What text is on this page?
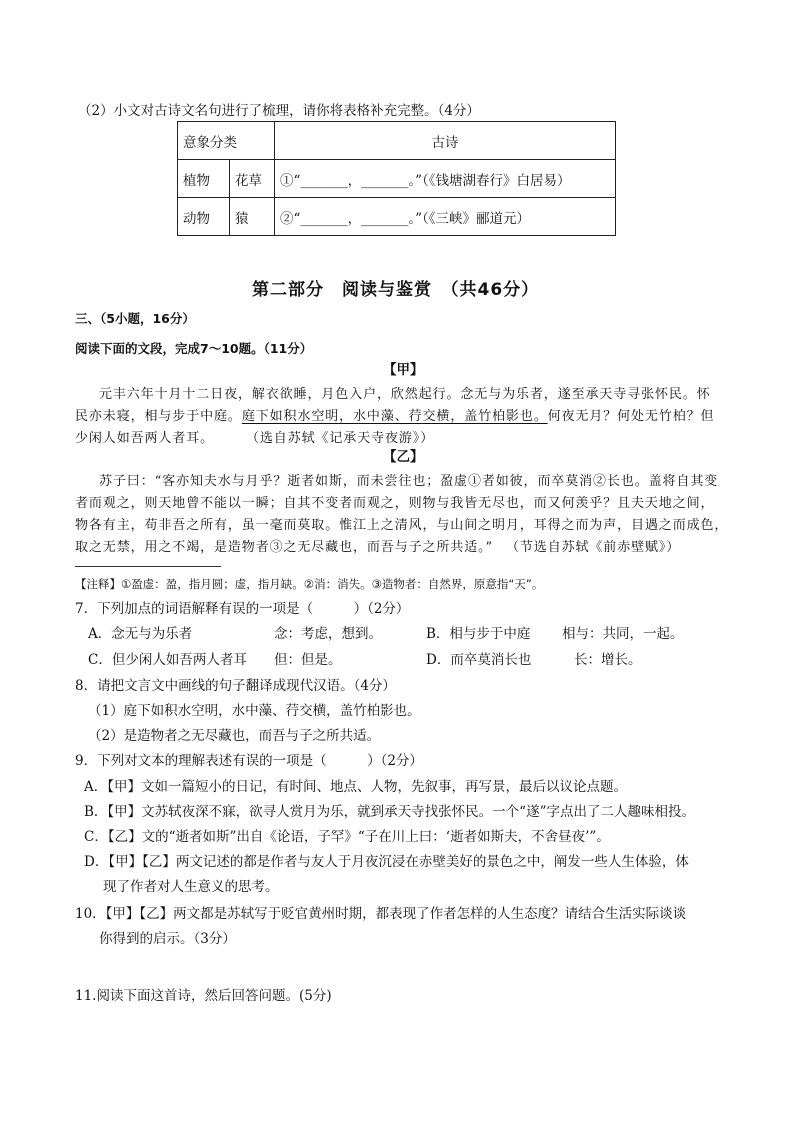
（2）小文对古诗文名句进行了梳理，请你将表格补充完整。（4分）
意象分类		古诗
植物	花草	①“_______，_______。”（《钱塘湖春行》白居易）
动物	猿	②“_______，_______。”（《三峡》郦道元）
第二部分　阅读与鉴赏　（共46分）
三、（5小题，16分）
阅读下面的文段，完成7～10题。（11分）
【甲】
元丰六年十月十二日夜，解衣欲睡，月色入户，欣然起行。念无与为乐者，遂至承天寺寻张怀民。怀
民亦未寝，相与步于中庭。庭下如积水空明，水中藻、荇交横，盖竹柏影也。何夜无月？何处无竹柏？但
少闲人如吾两人者耳。 （选自苏轼《记承天寺夜游》）
【乙】
苏子曰：“客亦知夫水与月乎？逝者如斯，而未尝往也；盈虚①者如彼，而卒莫消②长也。盖将自其变
者而观之，则天地曾不能以一瞬；自其不变者而观之，则物与我皆无尽也，而又何羡乎？且夫天地之间，
物各有主，苟非吾之所有，虽一毫而莫取。惟江上之清风，与山间之明月，耳得之而为声，目遇之而成色，
取之无禁，用之不竭，是造物者③之无尽藏也，而吾与子之所共适。” （节选自苏轼《前赤壁赋》）
【注释】①盈虚：盈，指月圆；虚，指月缺。②消：消失。③造物者：自然界，原意指“天”。
7．下列加点的词语解释有误的一项是（　　　）（2分）
A．念无与为乐者	念：考虑，想到。	B．相与步于中庭 相与：共同，一起。
C．但少闲人如吾两人者耳 但：但是。	D．而卒莫消长也	长：增长。
8．请把文言文中画线的句子翻译成现代汉语。（4分）
（1）庭下如积水空明，水中藻、荇交横，盖竹柏影也。
（2）是造物者之无尽藏也，而吾与子之所共适。
9．下列对文本的理解表述有误的一项是（　　　）（2分）
A．【甲】文如一篇短小的日记，有时间、地点、人物，先叙事，再写景，最后以议论点题。
B．【甲】文苏轼夜深不寐，欲寻人赏月为乐，就到承天寺找张怀民。一个“遂”字点出了二人趣味相投。
C．【乙】文的“逝者如斯”出自《论语，子罕》“子在川上曰：‘逝者如斯夫，不舍昼夜’”。
D．【甲】【乙】两文记述的都是作者与友人于月夜沉浸在赤壁美好的景色之中，阐发一些人生体验，体
现了作者对人生意义的思考。
10．【甲】【乙】两文都是苏轼写于贬官黄州时期，都表现了作者怎样的人生态度？请结合生活实际谈谈
你得到的启示。（3分）
11.阅读下面这首诗，然后回答问题。(5分)
